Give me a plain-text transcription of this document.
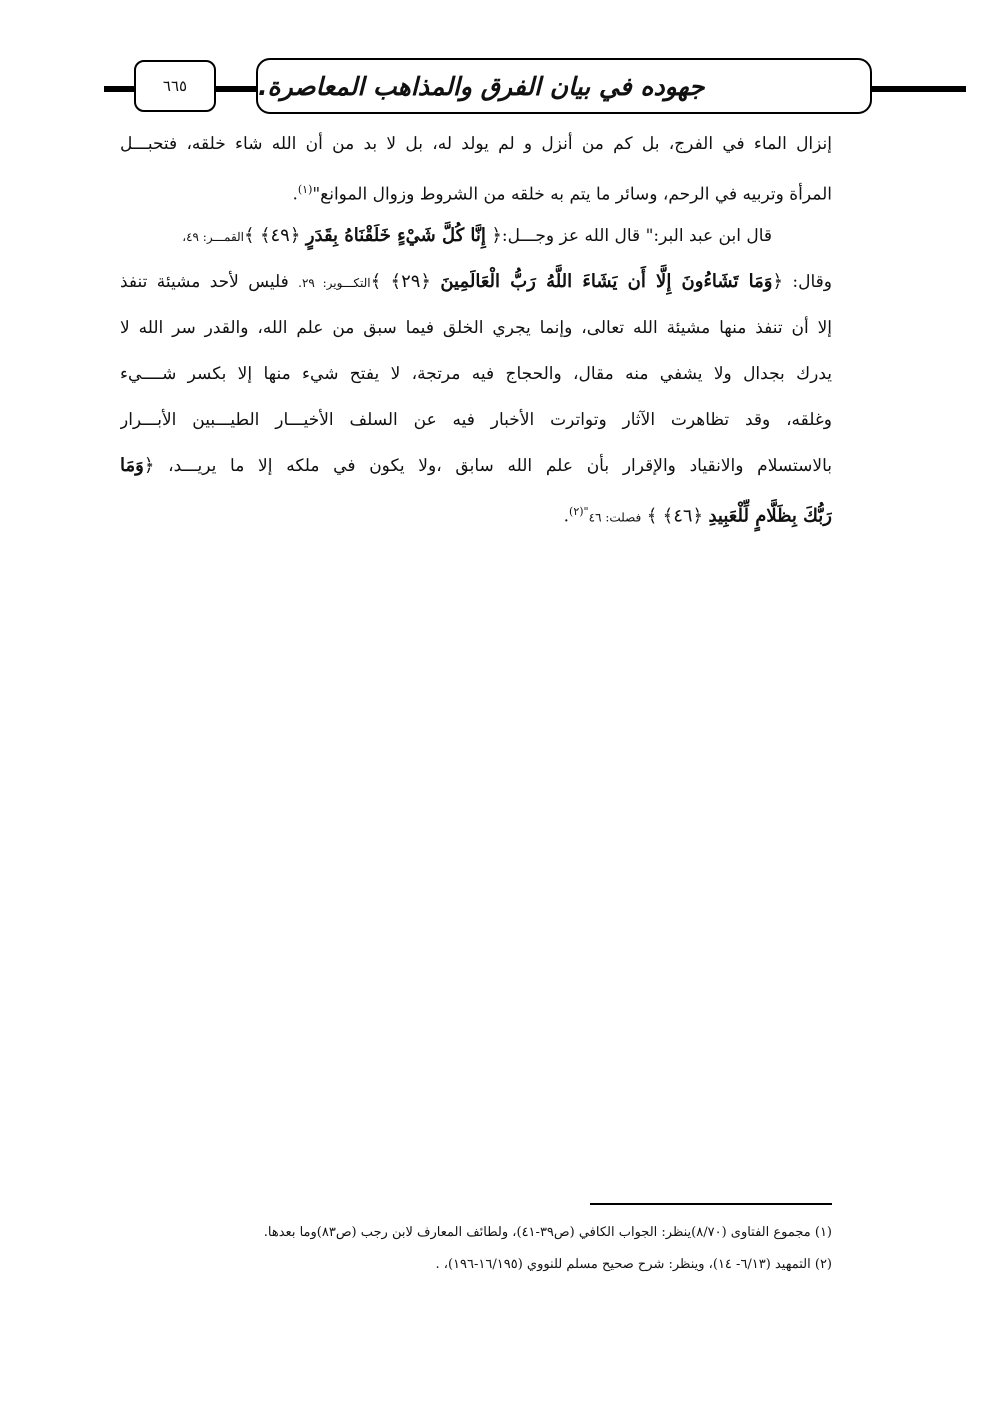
٦٦٥	جهوده في بيان الفرق والمذاهب المعاصرة.
إنزال الماء في الفرج، بل كم من أنزل و لم يولد له، بل لا بد من أن الله شاء خلقه، فتحبـــل
المرأة وتربيه في الرحم، وسائر ما يتم به خلقه من الشروط وزوال الموانع"$^{(١)}$.
قال ابن عبد البر:" قال الله عز وجـــل:﴿ إِنَّا كُلَّ شَيْءٍ خَلَقْنَاهُ بِقَدَرٍ ﴿٤٩﴾ ﴾القمـــر: ٤٩،
وقال: ﴿وَمَا تَشَاءُونَ إِلَّا أَن يَشَاءَ اللَّهُ رَبُّ الْعَالَمِينَ ﴿٢٩﴾ ﴾التكـــوير: ٢٩. فليس لأحد مشيئة تنفذ
إلا أن تنفذ منها مشيئة الله تعالى، وإنما يجري الخلق فيما سبق من علم الله، والقدر سر الله لا
يدرك بجدال ولا يشفي منه مقال، والحجاج فيه مرتجة، لا يفتح شيء منها إلا بكسر شــــيء
وغلقه، وقد تظاهرت الآثار وتواترت الأخبار فيه عن السلف الأخيـــار الطيـــبين الأبـــرار
بالاستسلام والانقياد والإقرار بأن علم الله سابق ،ولا يكون في ملكه إلا ما يريـــد، ﴿وَمَا
رَبُّكَ بِظَلَّامٍ لِّلْعَبِيدِ ﴿٤٦﴾ ﴾ فصلت: $٤٦^{"(٢)}$.
(١) مجموع الفتاوى (٨/٧٠)ينظر: الجواب الكافي (ص٣٩-٤١)، ولطائف المعارف لابن رجب (ص٨٣)وما بعدها.
(٢) التمهيد (٦/١٣- ١٤)، وينظر: شرح صحيح مسلم للنووي (١٦/١٩٥-١٩٦)، .
